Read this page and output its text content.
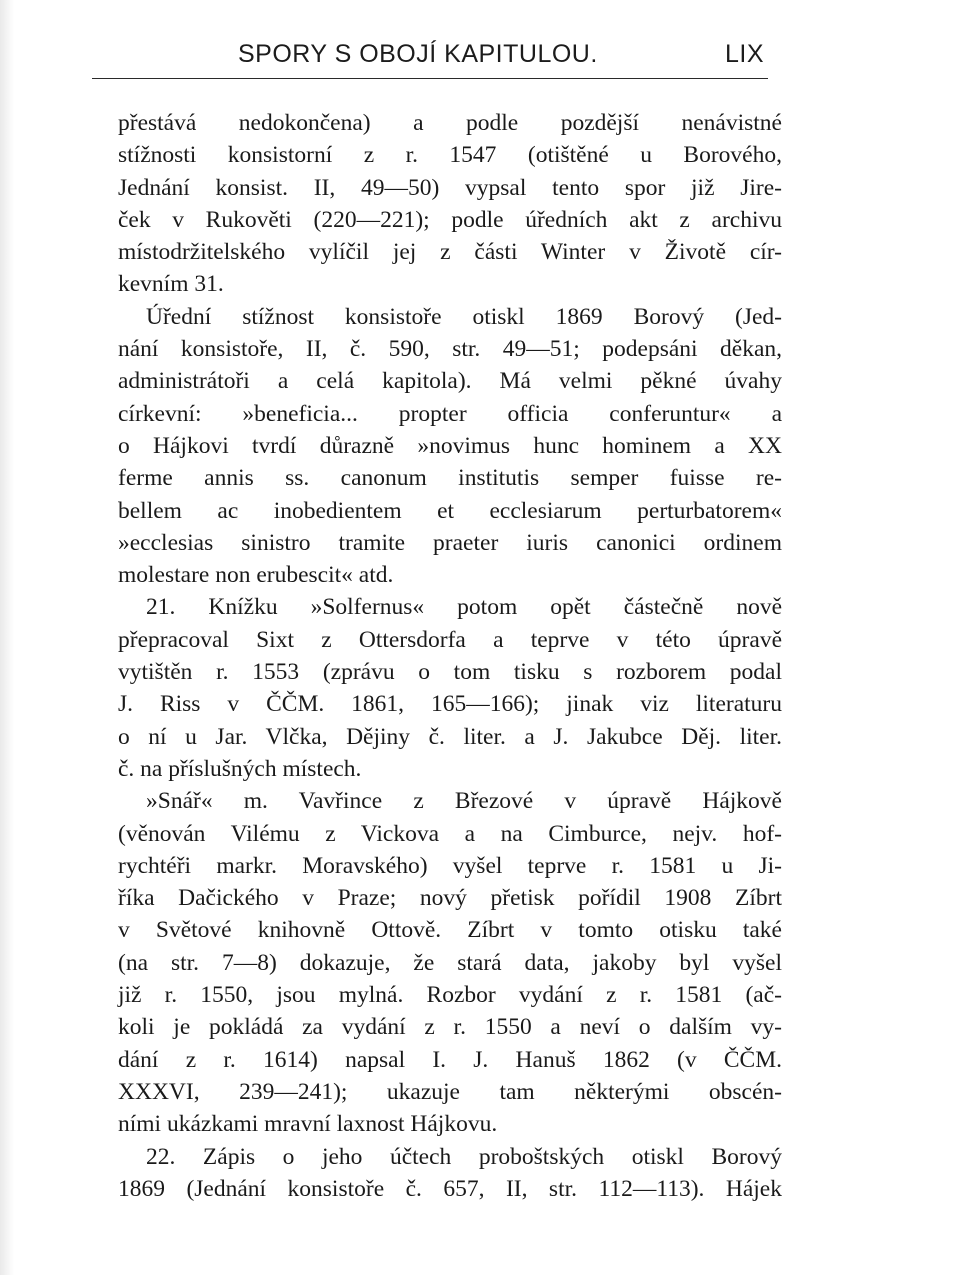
SPORY S OBOJÍ KAPITULOU.	LIX
přestává nedokončena) a podle pozdější nenávistné
stížnosti konsistorní z r. 1547 (otištěné u Borového,
Jednání konsist. II, 49—50) vypsal tento spor již Jire-
ček v Rukověti (220—221); podle úředních akt z archivu
místodržitelského vylíčil jej z části Winter v Životě cír-
kevním 31.
Úřední stížnost konsistoře otiskl 1869 Borový (Jed-
nání konsistoře, II, č. 590, str. 49—51; podepsáni děkan,
administrátoři a celá kapitola). Má velmi pěkné úvahy
církevní: »beneficia... propter officia conferuntur« a
o Hájkovi tvrdí důrazně »novimus hunc hominem a XX
ferme annis ss. canonum institutis semper fuisse re-
bellem ac inobedientem et ecclesiarum perturbatorem«
»ecclesias sinistro tramite praeter iuris canonici ordinem
molestare non erubescit« atd.
21. Knížku »Solfernus« potom opět částečně nově
přepracoval Sixt z Ottersdorfa a teprve v této úpravě
vytištěn r. 1553 (zprávu o tom tisku s rozborem podal
J. Riss v ČČM. 1861, 165—166); jinak viz literaturu
o ní u Jar. Vlčka, Dějiny č. liter. a J. Jakubce Děj. liter.
č. na příslušných místech.
»Snář« m. Vavřince z Březové v úpravě Hájkově
(věnován Vilému z Vickova a na Cimburce, nejv. hof-
rychtéři markr. Moravského) vyšel teprve r. 1581 u Ji-
říka Dačického v Praze; nový přetisk pořídil 1908 Zíbrt
v Světové knihovně Ottově. Zíbrt v tomto otisku také
(na str. 7—8) dokazuje, že stará data, jakoby byl vyšel
již r. 1550, jsou mylná. Rozbor vydání z r. 1581 (ač-
koli je pokládá za vydání z r. 1550 a neví o dalším vy-
dání z r. 1614) napsal I. J. Hanuš 1862 (v ČČM.
XXXVI, 239—241); ukazuje tam některými obscén-
ními ukázkami mravní laxnost Hájkovu.
22. Zápis o jeho účtech proboštských otiskl Borový
1869 (Jednání konsistoře č. 657, II, str. 112—113). Hájek
